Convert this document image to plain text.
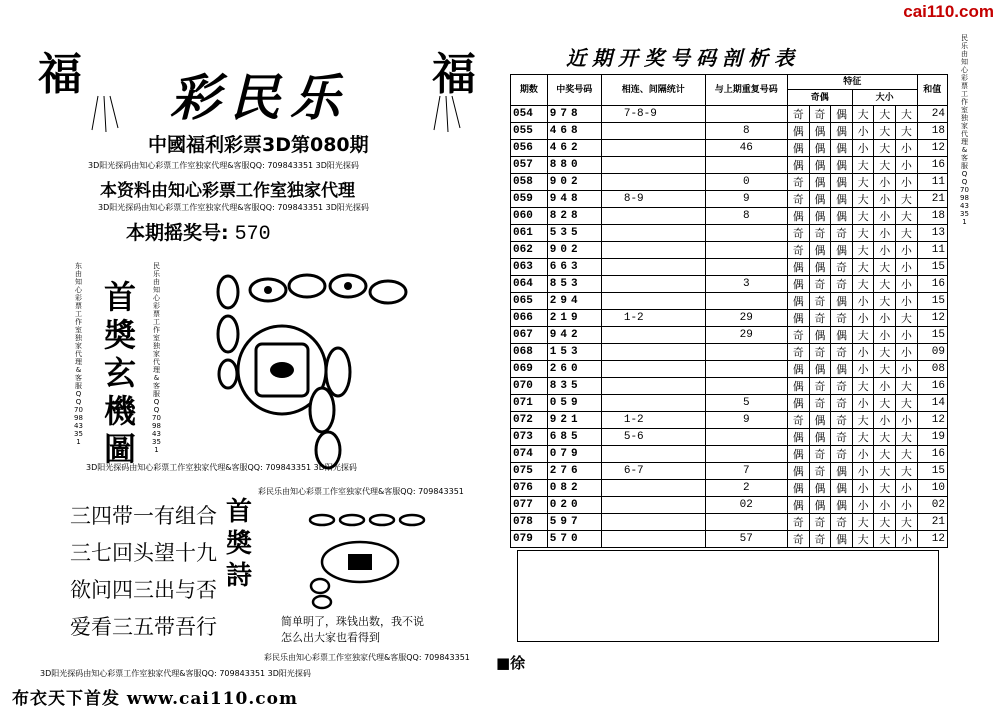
cai110.com
福	福
彩民乐
中國福利彩票3D第080期
3D阳光探码由知心彩票工作室独家代理&客服QQ: 709843351 3D阳光探码
本资料由知心彩票工作室独家代理
3D阳光探码由知心彩票工作室独家代理&客服QQ: 709843351 3D阳光探码
本期摇奖号: 570
东由知心彩票工作室独家代理&客服QQ709843351
首
奬
玄
機
圖
民乐由知心彩票工作室独家代理&客服QQ709843351
3D阳光探码由知心彩票工作室独家代理&客服QQ: 709843351 3D阳光探码
彩民乐由知心彩票工作室独家代理&客服QQ: 709843351
三四带一有组合
三七回头望十九
欲问四三出与否
爱看三五带吾行
首奬詩
简单明了，珠钱出数，我不说
怎么出大家也看得到
彩民乐由知心彩票工作室独家代理&客服QQ: 709843351
3D阳光探码由知心彩票工作室独家代理&客服QQ: 709843351 3D阳光探码
布衣天下首发 www.cai110.com
■徐
近期开奖号码剖析表
期数	中奖号码	相连、间隔统计	与上期重复号码	特征						和值
				奇偶			大小			
054	978	7-8-9		奇	奇	偶	大	大	大	24
055	468		8	偶	偶	偶	小	大	大	18
056	462		46	偶	偶	偶	小	大	小	12
057	880			偶	偶	偶	大	大	小	16
058	902		0	奇	偶	偶	大	小	小	11
059	948	8-9	9	奇	偶	偶	大	小	大	21
060	828		8	偶	偶	偶	大	小	大	18
061	535			奇	奇	奇	大	小	大	13
062	902			奇	偶	偶	大	小	小	11
063	663			偶	偶	奇	大	大	小	15
064	853		3	偶	奇	奇	大	大	小	16
065	294			偶	奇	偶	小	大	小	15
066	219	1-2	29	偶	奇	奇	小	小	大	12
067	942		29	奇	偶	偶	大	小	小	15
068	153			奇	奇	奇	小	大	小	09
069	260			偶	偶	偶	小	大	小	08
070	835			偶	奇	奇	大	小	大	16
071	059		5	偶	奇	奇	小	大	大	14
072	921	1-2	9	奇	偶	奇	大	小	小	12
073	685	5-6		偶	偶	奇	大	大	大	19
074	079			偶	奇	奇	小	大	大	16
075	276	6-7	7	偶	奇	偶	小	大	大	15
076	082		2	偶	偶	偶	小	大	小	10
077	020		02	偶	偶	偶	小	小	小	02
078	597			奇	奇	奇	大	大	大	21
079	570		57	奇	奇	偶	大	大	小	12
民乐由知心彩票工作室独家代理&客服QQ709843351
